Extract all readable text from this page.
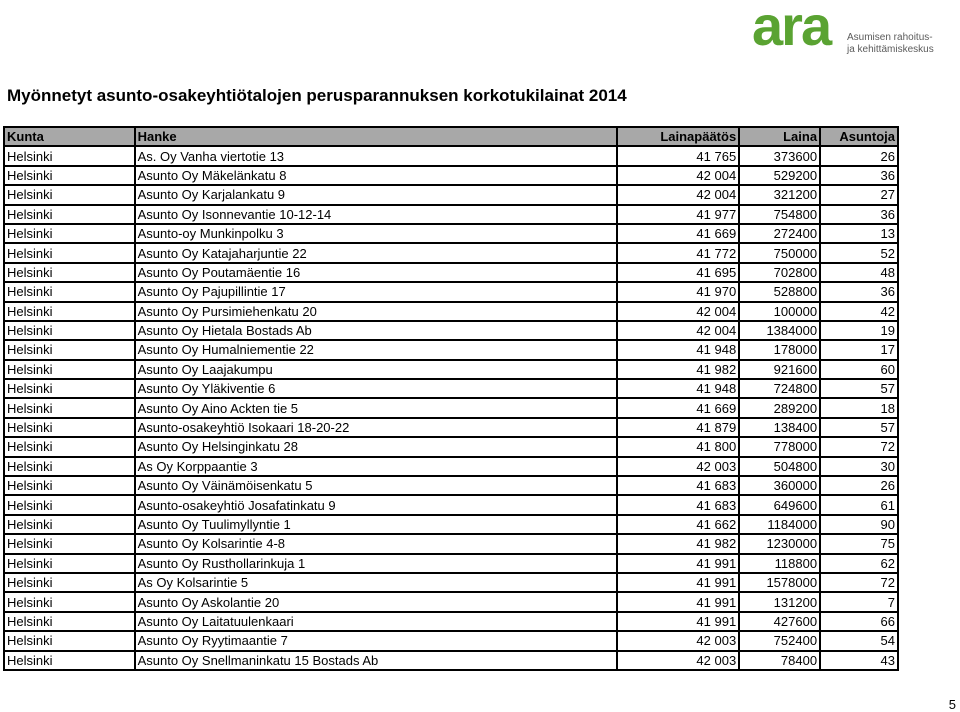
ara Asumisen rahoitus-
ja kehittämiskeskus
Myönnetyt asunto-osakeyhtiötalojen perusparannuksen korkotukilainat 2014
Kunta	Hanke	Lainapäätös	Laina	Asuntoja
Helsinki	As. Oy Vanha viertotie 13	41 765	373600	26
Helsinki	Asunto Oy Mäkelänkatu 8	42 004	529200	36
Helsinki	Asunto Oy Karjalankatu 9	42 004	321200	27
Helsinki	Asunto Oy Isonnevantie 10-12-14	41 977	754800	36
Helsinki	Asunto-oy Munkinpolku 3	41 669	272400	13
Helsinki	Asunto Oy Katajaharjuntie 22	41 772	750000	52
Helsinki	Asunto Oy Poutamäentie 16	41 695	702800	48
Helsinki	Asunto Oy Pajupillintie 17	41 970	528800	36
Helsinki	Asunto Oy Pursimiehenkatu 20	42 004	100000	42
Helsinki	Asunto Oy Hietala Bostads Ab	42 004	1384000	19
Helsinki	Asunto Oy Humalniementie 22	41 948	178000	17
Helsinki	Asunto Oy Laajakumpu	41 982	921600	60
Helsinki	Asunto Oy Yläkiventie 6	41 948	724800	57
Helsinki	Asunto Oy Aino Ackten tie 5	41 669	289200	18
Helsinki	Asunto-osakeyhtiö Isokaari 18-20-22	41 879	138400	57
Helsinki	Asunto Oy Helsinginkatu 28	41 800	778000	72
Helsinki	As Oy Korppaantie 3	42 003	504800	30
Helsinki	Asunto Oy Väinämöisenkatu 5	41 683	360000	26
Helsinki	Asunto-osakeyhtiö Josafatinkatu 9	41 683	649600	61
Helsinki	Asunto Oy Tuulimyllyntie 1	41 662	1184000	90
Helsinki	Asunto Oy Kolsarintie 4-8	41 982	1230000	75
Helsinki	Asunto Oy Rusthollarinkuja 1	41 991	118800	62
Helsinki	As Oy Kolsarintie 5	41 991	1578000	72
Helsinki	Asunto Oy Askolantie 20	41 991	131200	7
Helsinki	Asunto Oy Laitatuulenkaari	41 991	427600	66
Helsinki	Asunto Oy Ryytimaantie 7	42 003	752400	54
Helsinki	Asunto Oy Snellmaninkatu 15 Bostads Ab	42 003	78400	43
5
